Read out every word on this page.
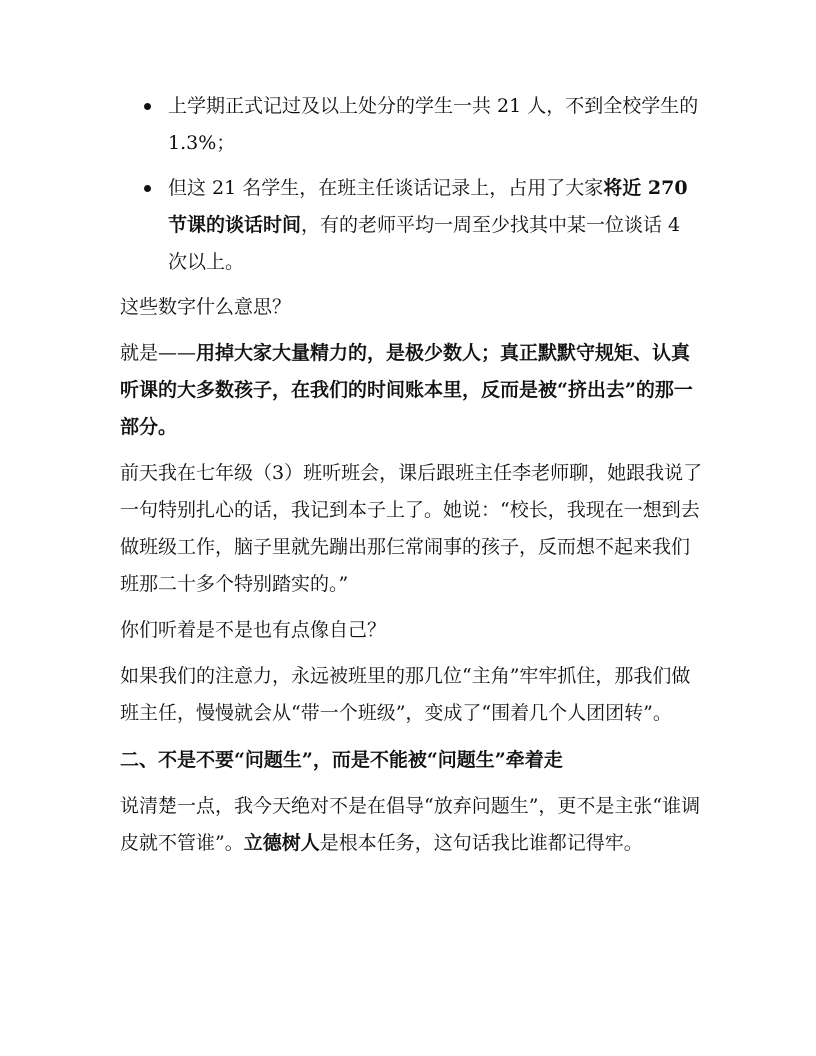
上学期正式记过及以上处分的学生一共 21 人，不到全校学生的 1.3%；
但这 21 名学生，在班主任谈话记录上，占用了大家将近 270 节课的谈话时间，有的老师平均一周至少找其中某一位谈话 4 次以上。

这些数字什么意思？

就是——用掉大家大量精力的，是极少数人；真正默默守规矩、认真听课的大多数孩子，在我们的时间账本里，反而是被“挤出去”的那一部分。

前天我在七年级（3）班听班会，课后跟班主任李老师聊，她跟我说了一句特别扎心的话，我记到本子上了。她说：“校长，我现在一想到去做班级工作，脑子里就先蹦出那仨常闹事的孩子，反而想不起来我们班那二十多个特别踏实的。”

你们听着是不是也有点像自己？

如果我们的注意力，永远被班里的那几位“主角”牢牢抓住，那我们做班主任，慢慢就会从“带一个班级”，变成了“围着几个人团团转”。

二、不是不要“问题生”，而是不能被“问题生”牵着走

说清楚一点，我今天绝对不是在倡导“放弃问题生”，更不是主张“谁调皮就不管谁”。立德树人是根本任务，这句话我比谁都记得牢。
